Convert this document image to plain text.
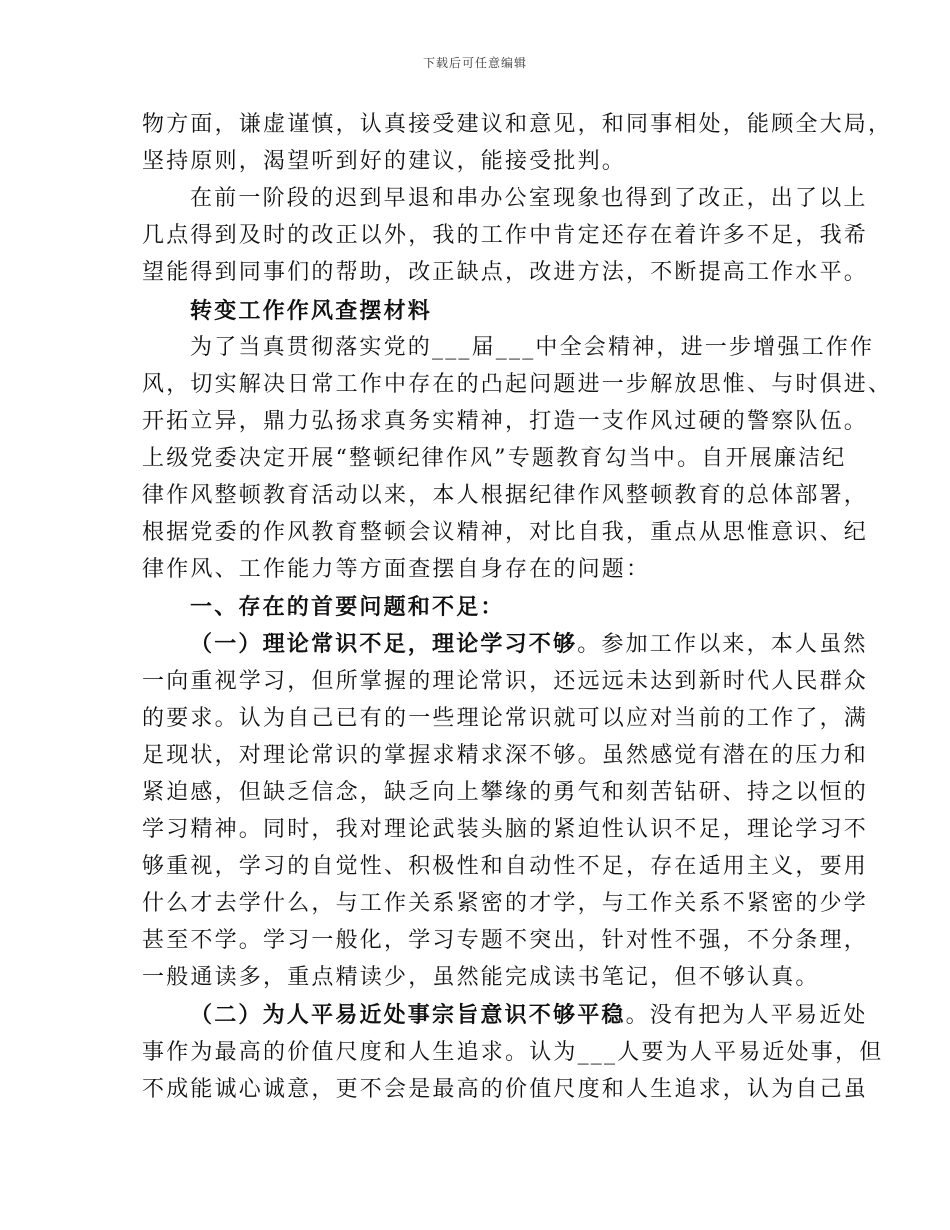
下载后可任意编辑
物方面，谦虚谨慎，认真接受建议和意见，和同事相处，能顾全大局，
坚持原则，渴望听到好的建议，能接受批判。
在前一阶段的迟到早退和串办公室现象也得到了改正，出了以上
几点得到及时的改正以外，我的工作中肯定还存在着许多不足，我希
望能得到同事们的帮助，改正缺点，改进方法，不断提高工作水平。
转变工作作风查摆材料
为了当真贯彻落实党的___届___中全会精神，进一步增强工作作
风，切实解决日常工作中存在的凸起问题进一步解放思惟、与时俱进、
开拓立异，鼎力弘扬求真务实精神，打造一支作风过硬的警察队伍。
上级党委决定开展“整顿纪律作风”专题教育勾当中。自开展廉洁纪
律作风整顿教育活动以来，本人根据纪律作风整顿教育的总体部署，
根据党委的作风教育整顿会议精神，对比自我，重点从思惟意识、纪
律作风、工作能力等方面查摆自身存在的问题：
一、存在的首要问题和不足：
（一）理论常识不足，理论学习不够。参加工作以来，本人虽然
一向重视学习，但所掌握的理论常识，还远远未达到新时代人民群众
的要求。认为自己已有的一些理论常识就可以应对当前的工作了，满
足现状，对理论常识的掌握求精求深不够。虽然感觉有潜在的压力和
紧迫感，但缺乏信念，缺乏向上攀缘的勇气和刻苦钻研、持之以恒的
学习精神。同时，我对理论武装头脑的紧迫性认识不足，理论学习不
够重视，学习的自觉性、积极性和自动性不足，存在适用主义，要用
什么才去学什么，与工作关系紧密的才学，与工作关系不紧密的少学
甚至不学。学习一般化，学习专题不突出，针对性不强，不分条理，
一般通读多，重点精读少，虽然能完成读书笔记，但不够认真。
（二）为人平易近处事宗旨意识不够平稳。没有把为人平易近处
事作为最高的价值尺度和人生追求。认为___人要为人平易近处事，但
不成能诚心诚意，更不会是最高的价值尺度和人生追求，认为自己虽
